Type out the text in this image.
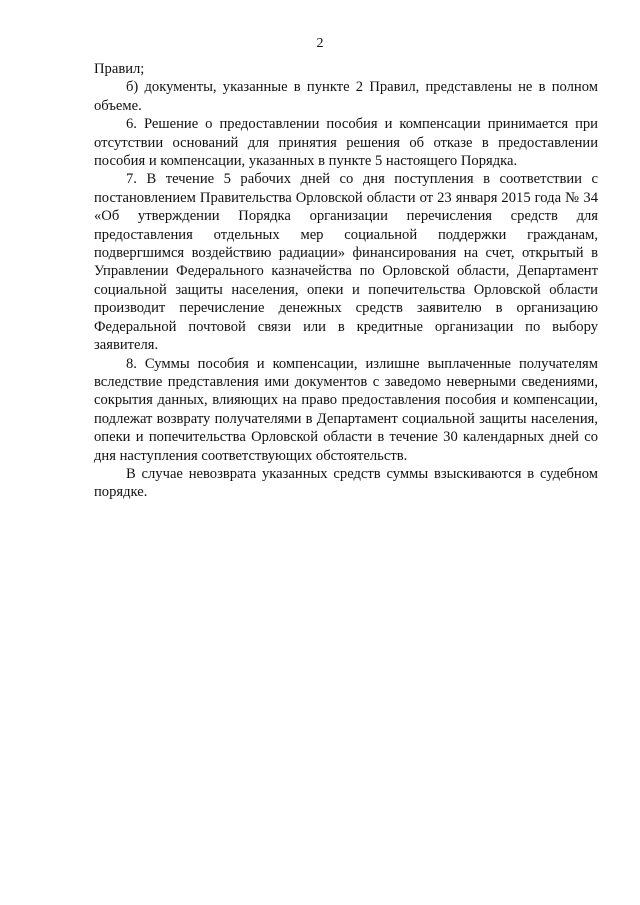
2

Правил;

б) документы, указанные в пункте 2 Правил, представлены не в полном объеме.

6. Решение о предоставлении пособия и компенсации принимается при отсутствии оснований для принятия решения об отказе в предоставлении пособия и компенсации, указанных в пункте 5 настоящего Порядка.

7. В течение 5 рабочих дней со дня поступления в соответствии с постановлением Правительства Орловской области от 23 января 2015 года № 34 «Об утверждении Порядка организации перечисления средств для предоставления отдельных мер социальной поддержки гражданам, подвергшимся воздействию радиации» финансирования на счет, открытый в Управлении Федерального казначейства по Орловской области, Департамент социальной защиты населения, опеки и попечительства Орловской области производит перечисление денежных средств заявителю в организацию Федеральной почтовой связи или в кредитные организации по выбору заявителя.

8. Суммы пособия и компенсации, излишне выплаченные получателям вследствие представления ими документов с заведомо неверными сведениями, сокрытия данных, влияющих на право предоставления пособия и компенсации, подлежат возврату получателями в Департамент социальной защиты населения, опеки и попечительства Орловской области в течение 30 календарных дней со дня наступления соответствующих обстоятельств.

В случае невозврата указанных средств суммы взыскиваются в судебном порядке.
